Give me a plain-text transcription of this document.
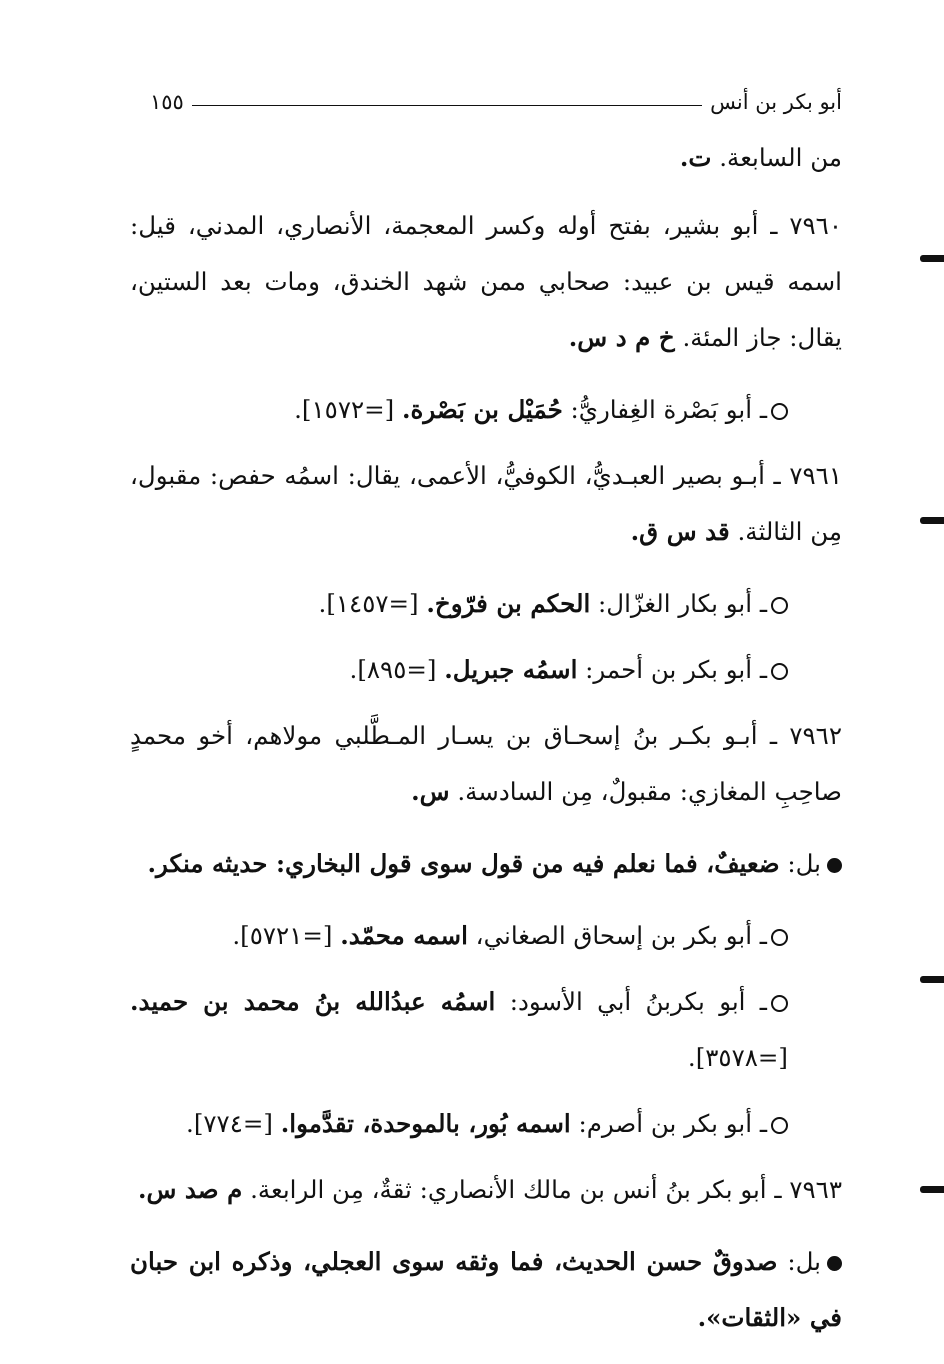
أبو بكر بن أنس
١٥٥

من السابعة. ت.

٧٩٦٠ ـ أبو بشير، بفتح أوله وكسر المعجمة، الأنصاري، المدني، قيل: اسمه قيس بن عبيد: صحابي ممن شهد الخندق، ومات بعد الستين، يقال: جاز المئة. خ م د س.

ـ أبو بَصْرة الغِفاريُّ: حُمَيْل بن بَصْرة. [=١٥٧٢].

٧٩٦١ ـ أبـو بصير العبـديُّ، الكوفيُّ، الأعمى، يقال: اسمُه حفص: مقبول، مِن الثالثة. قد س ق.

ـ أبو بكار الغزّال: الحكم بن فرّوخ. [=١٤٥٧].

ـ أبو بكر بن أحمر: اسمُه جبريل. [=٨٩٥].

٧٩٦٢ ـ أبـو بكـر بنُ إسحـاق بن يسـار المـطَّلبي مولاهم، أخو محمدٍ صاحِبِ المغازي: مقبولٌ، مِن السادسة. س.

بل: ضعيفٌ، فما نعلم فيه من قول سوى قول البخاري: حديثه منكر.

ـ أبو بكر بن إسحاق الصغاني، اسمه محمّد. [=٥٧٢١].

ـ أبو بكربنُ أبي الأسود: اسمُه عبدُالله بنُ محمد بن حميد. [=٣٥٧٨].

ـ أبو بكر بن أصرم: اسمه بُور، بالموحدة، تقدَّموا. [=٧٧٤].

٧٩٦٣ ـ أبو بكر بنُ أنس بن مالك الأنصاري: ثقةٌ، مِن الرابعة. م صد س.

بل: صدوقٌ حسن الحديث، فما وثقه سوى العجلي، وذكره ابن حبان في «الثقات».
